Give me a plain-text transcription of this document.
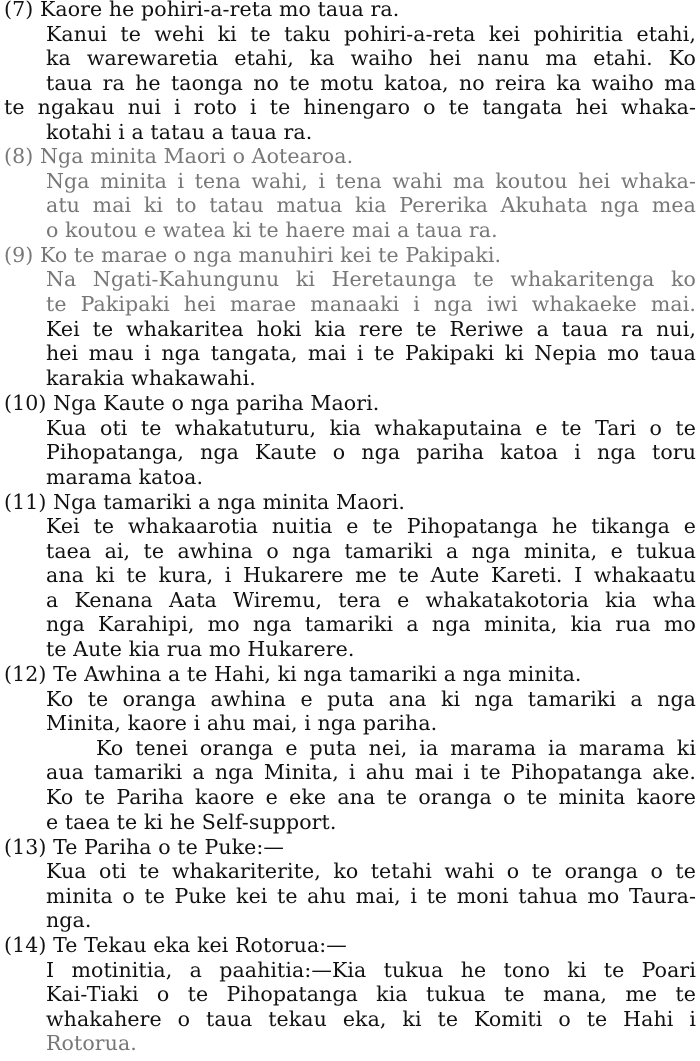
(7) Kaore he pohiri-a-reta mo taua ra.
Kanui te wehi ki te taku pohiri-a-reta kei pohiritia etahi,
ka warewaretia etahi, ka waiho hei nanu ma etahi. Ko
taua ra he taonga no te motu katoa, no reira ka waiho ma
te ngakau nui i roto i te hinengaro o te tangata hei whaka-
kotahi i a tatau a taua ra.
(8) Nga minita Maori o Aotearoa.
Nga minita i tena wahi, i tena wahi ma koutou hei whaka-
atu mai ki to tatau matua kia Pererika Akuhata nga mea
o koutou e watea ki te haere mai a taua ra.
(9) Ko te marae o nga manuhiri kei te Pakipaki.
Na Ngati-Kahungunu ki Heretaunga te whakaritenga ko
te Pakipaki hei marae manaaki i nga iwi whakaeke mai.
Kei te whakaritea hoki kia rere te Reriwe a taua ra nui,
hei mau i nga tangata, mai i te Pakipaki ki Nepia mo taua
karakia whakawahi.
(10) Nga Kaute o nga pariha Maori.
Kua oti te whakatuturu, kia whakaputaina e te Tari o te
Pihopatanga, nga Kaute o nga pariha katoa i nga toru
marama katoa.
(11) Nga tamariki a nga minita Maori.
Kei te whakaarotia nuitia e te Pihopatanga he tikanga e
taea ai, te awhina o nga tamariki a nga minita, e tukua
ana ki te kura, i Hukarere me te Aute Kareti. I whakaatu
a Kenana Aata Wiremu, tera e whakatakotoria kia wha
nga Karahipi, mo nga tamariki a nga minita, kia rua mo
te Aute kia rua mo Hukarere.
(12) Te Awhina a te Hahi, ki nga tamariki a nga minita.
Ko te oranga awhina e puta ana ki nga tamariki a nga
Minita, kaore i ahu mai, i nga pariha.
Ko tenei oranga e puta nei, ia marama ia marama ki
aua tamariki a nga Minita, i ahu mai i te Pihopatanga ake.
Ko te Pariha kaore e eke ana te oranga o te minita kaore
e taea te ki he Self-support.
(13) Te Pariha o te Puke:—
Kua oti te whakariterite, ko tetahi wahi o te oranga o te
minita o te Puke kei te ahu mai, i te moni tahua mo Taura-
nga.
(14) Te Tekau eka kei Rotorua:—
I motinitia, a paahitia:—Kia tukua he tono ki te Poari
Kai-Tiaki o te Pihopatanga kia tukua te mana, me te
whakahere o taua tekau eka, ki te Komiti o te Hahi i
Rotorua.
